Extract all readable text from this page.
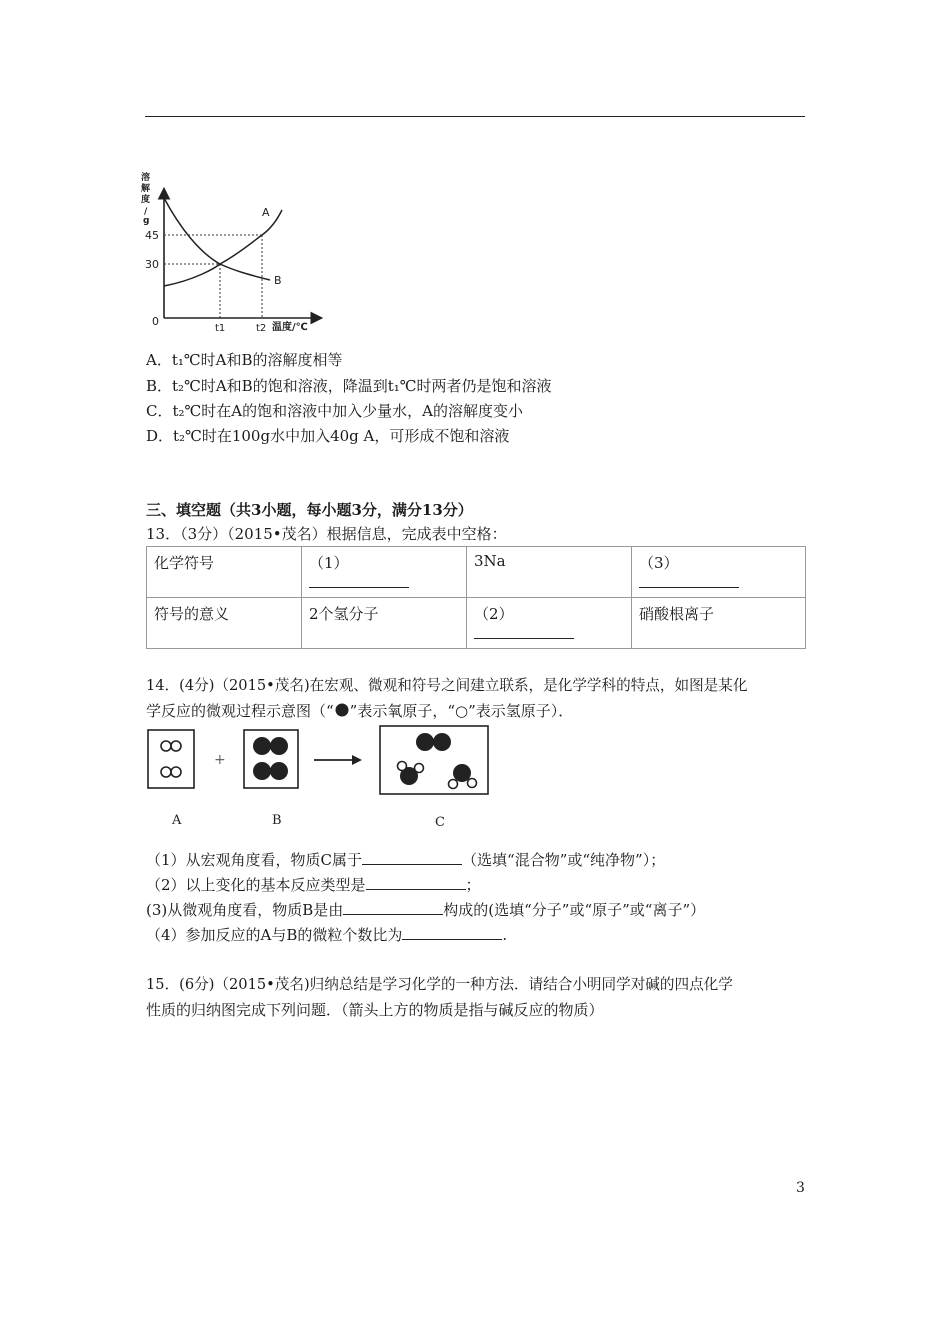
溶
解
度
/
g
A
B
45
30
0
t1	t2 温度/℃
A．t₁℃时A和B的溶解度相等
B．t₂℃时A和B的饱和溶液，降温到t₁℃时两者仍是饱和溶液
C．t₂℃时在A的饱和溶液中加入少量水，A的溶解度变小
D．t₂℃时在100g水中加入40g A，可形成不饱和溶液
三、填空题（共3小题，每小题3分，满分13分）
13．（3分）（2015•茂名）根据信息，完成表中空格：
化学符号	（1）	3Na	（3）

符号的意义	2个氢分子	（2）	硝酸根离子
14．(4分)（2015•茂名)在宏观、微观和符号之间建立联系，是化学学科的特点，如图是某化
学反应的微观过程示意图（“ ”表示氧原子，“○”表示氢原子）．
+
A	B	C
（1）从宏观角度看，物质C属于	（选填“混合物”或“纯净物”）；
（2）以上变化的基本反应类型是	；
(3)从微观角度看，物质B是由	构成的(选填“分子”或“原子”或“离子”）
（4）参加反应的A与B的微粒个数比为	.
15．(6分)（2015•茂名)归纳总结是学习化学的一种方法．请结合小明同学对碱的四点化学
性质的归纳图完成下列问题．（箭头上方的物质是指与碱反应的物质）
3
